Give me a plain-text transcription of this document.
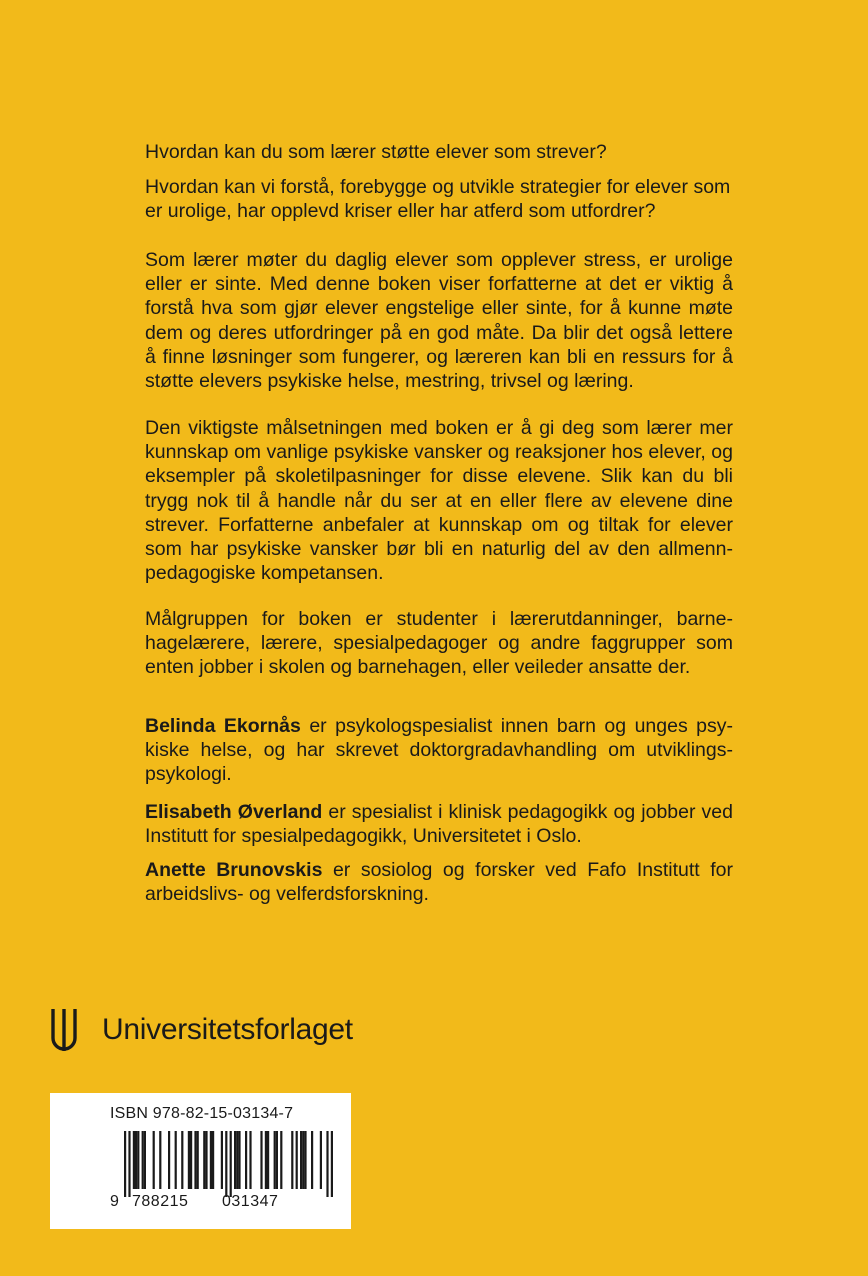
Hvordan kan du som lærer støtte elever som strever?

Hvordan kan vi forstå, forebygge og utvikle strategier for elever som er urolige, har opplevd kriser eller har atferd som utfordrer?

Som lærer møter du daglig elever som opplever stress, er urolige eller er sinte. Med denne boken viser forfatterne at det er viktig å forstå hva som gjør elever engstelige eller sinte, for å kunne møte dem og deres utfordringer på en god måte. Da blir det også lettere å finne løsninger som fungerer, og læreren kan bli en ressurs for å støtte elevers psykiske helse, mestring, trivsel og læring.

Den viktigste målsetningen med boken er å gi deg som lærer mer kunnskap om vanlige psykiske vansker og reaksjoner hos elever, og eksempler på skoletilpasninger for disse elevene. Slik kan du bli trygg nok til å handle når du ser at en eller flere av elevene dine strever. Forfatterne anbefaler at kunnskap om og tiltak for elever som har psykiske vansker bør bli en naturlig del av den allmenn-pedagogiske kompetansen.

Målgruppen for boken er studenter i lærerutdanninger, barne-hagelærere, lærere, spesialpedagoger og andre faggrupper som enten jobber i skolen og barnehagen, eller veileder ansatte der.

Belinda Ekornås er psykologspesialist innen barn og unges psy-kiske helse, og har skrevet doktorgradavhandling om utviklings-psykologi.

Elisabeth Øverland er spesialist i klinisk pedagogikk og jobber ved Institutt for spesialpedagogikk, Universitetet i Oslo.

Anette Brunovskis er sosiolog og forsker ved Fafo Institutt for arbeidslivs- og velferdsforskning.

Universitetsforlaget
ISBN 978-82-15-03134-7
9 788215 031347
